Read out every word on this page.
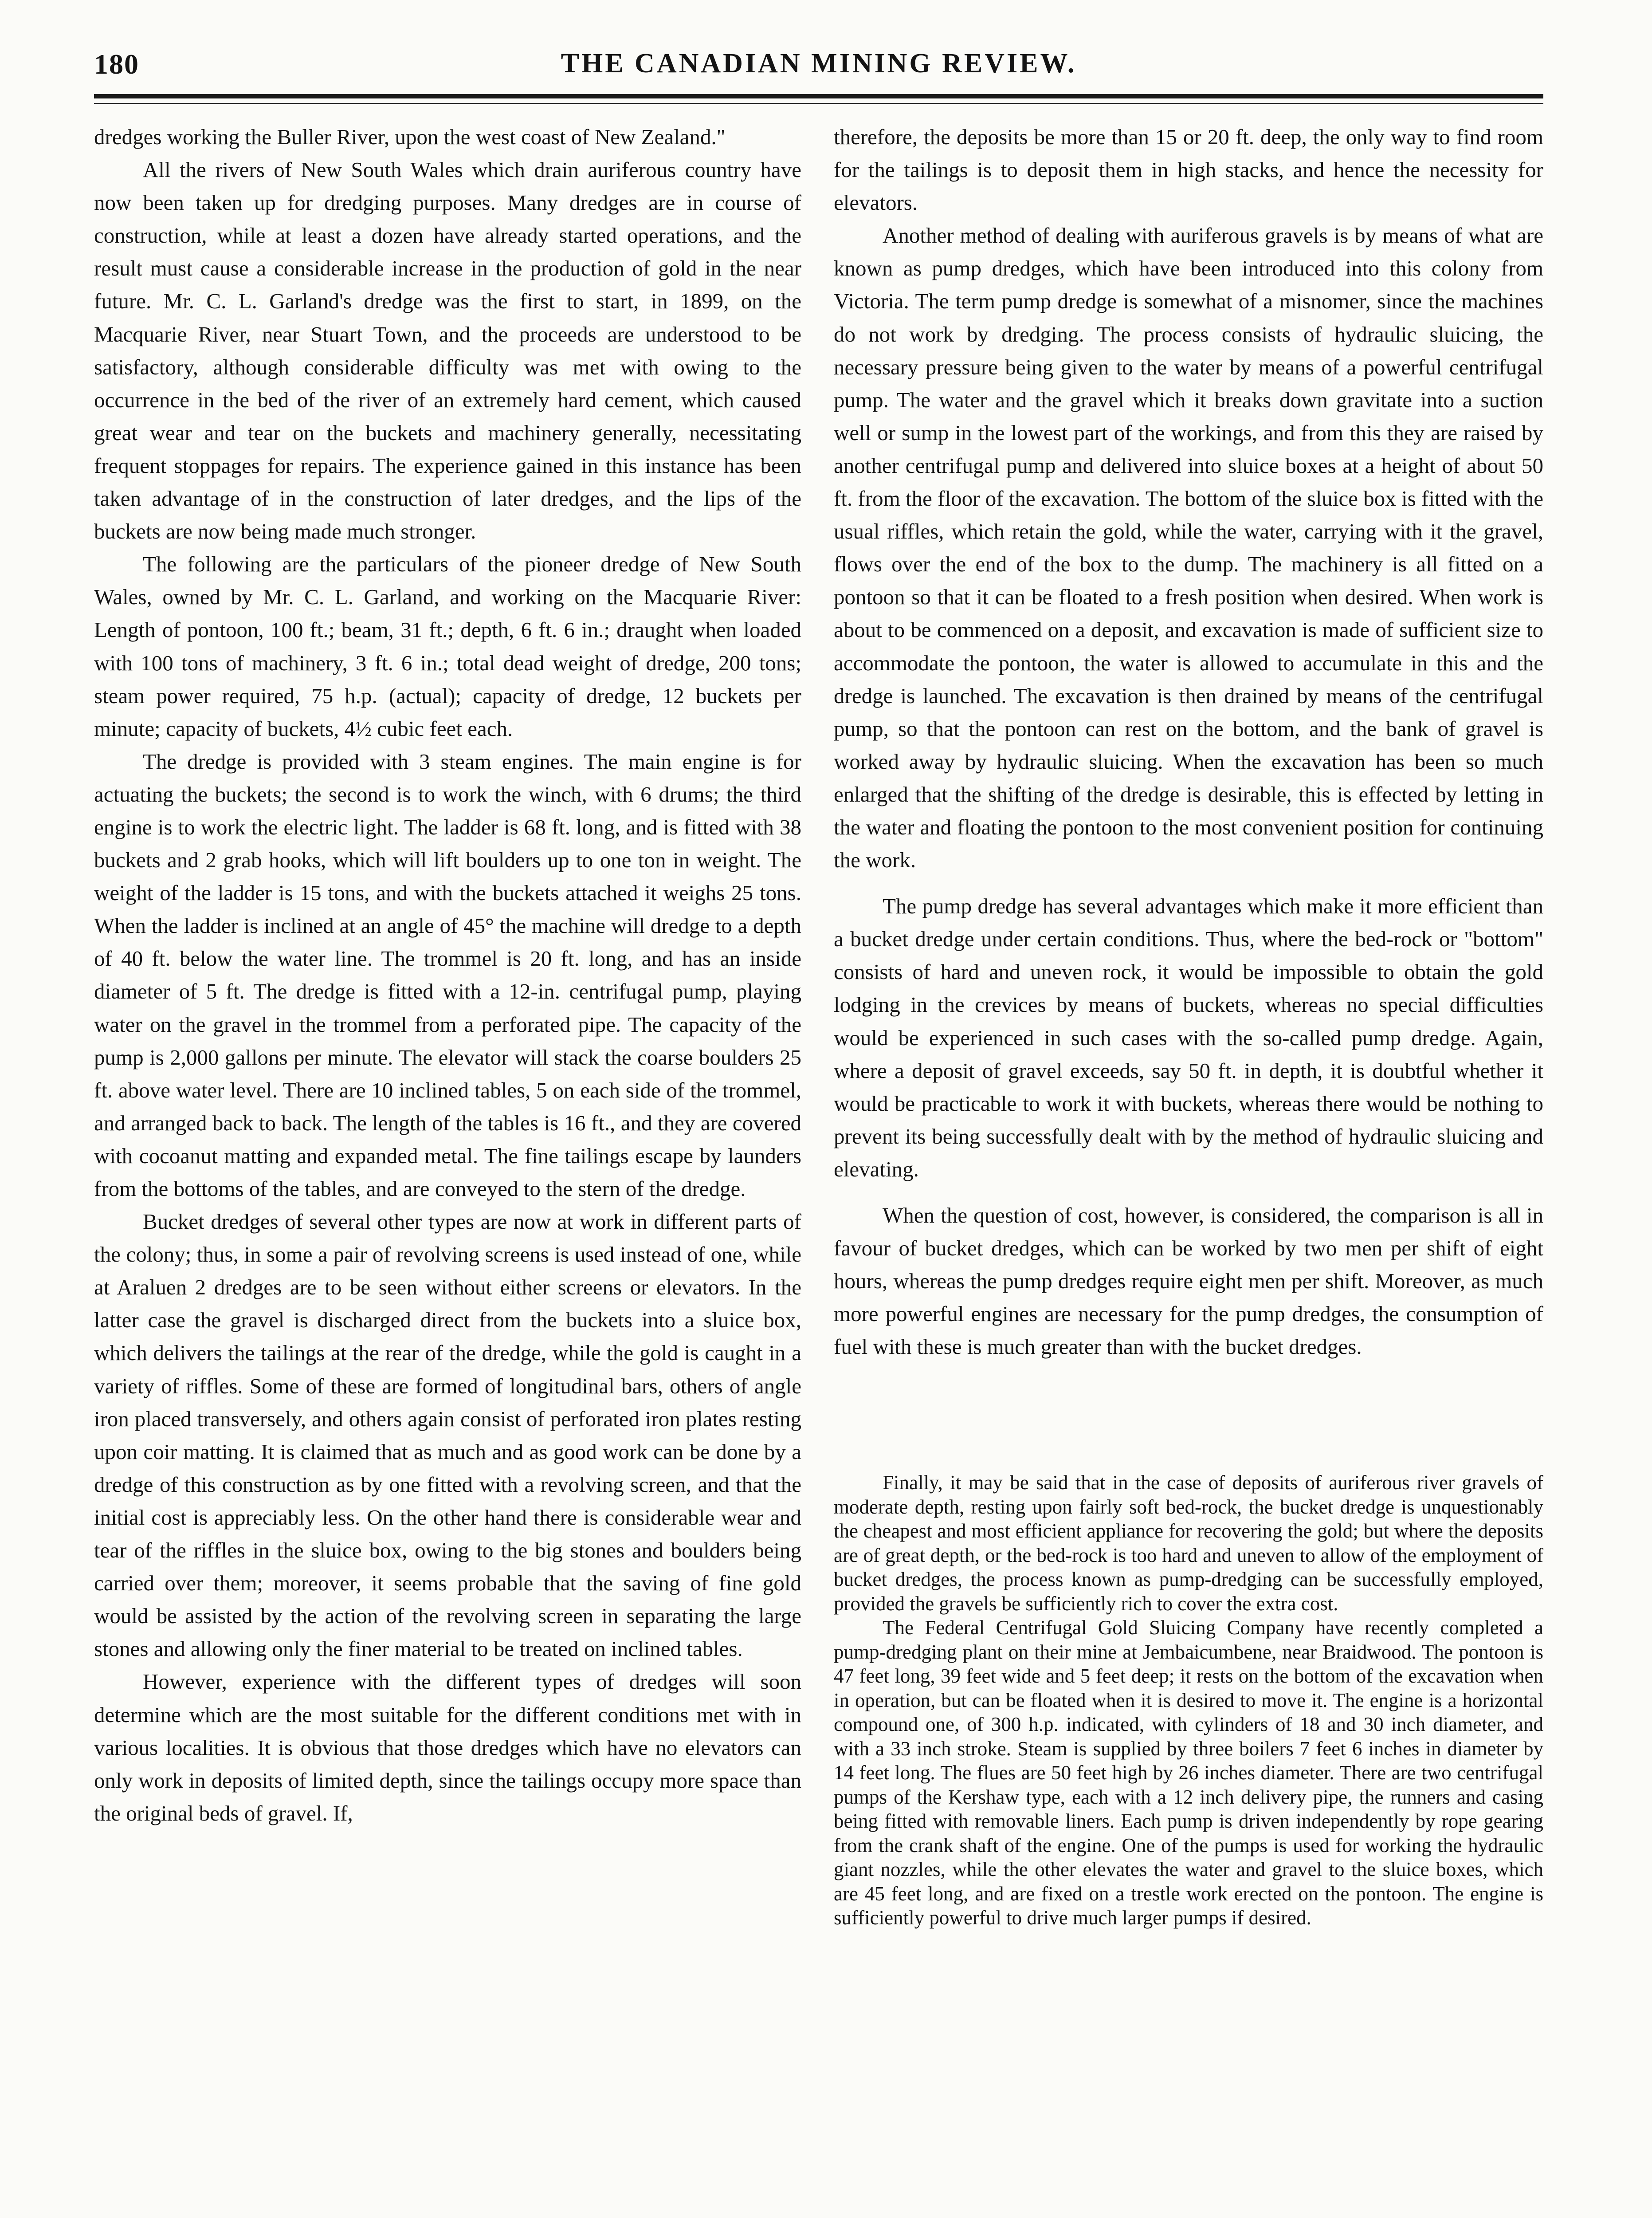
180	THE CANADIAN MINING REVIEW.

dredges working the Buller River, upon the west coast of New Zealand."

All the rivers of New South Wales which drain auriferous country have now been taken up for dredging purposes. Many dredges are in course of construction, while at least a dozen have already started operations, and the result must cause a considerable increase in the production of gold in the near future. Mr. C. L. Garland's dredge was the first to start, in 1899, on the Macquarie River, near Stuart Town, and the proceeds are understood to be satisfactory, although considerable difficulty was met with owing to the occurrence in the bed of the river of an extremely hard cement, which caused great wear and tear on the buckets and machinery generally, necessitating frequent stoppages for repairs. The experience gained in this instance has been taken advantage of in the construction of later dredges, and the lips of the buckets are now being made much stronger.

The following are the particulars of the pioneer dredge of New South Wales, owned by Mr. C. L. Garland, and working on the Macquarie River: Length of pontoon, 100 ft.; beam, 31 ft.; depth, 6 ft. 6 in.; draught when loaded with 100 tons of machinery, 3 ft. 6 in.; total dead weight of dredge, 200 tons; steam power required, 75 h.p. (actual); capacity of dredge, 12 buckets per minute; capacity of buckets, 4½ cubic feet each.

The dredge is provided with 3 steam engines. The main engine is for actuating the buckets; the second is to work the winch, with 6 drums; the third engine is to work the electric light. The ladder is 68 ft. long, and is fitted with 38 buckets and 2 grab hooks, which will lift boulders up to one ton in weight. The weight of the ladder is 15 tons, and with the buckets attached it weighs 25 tons. When the ladder is inclined at an angle of 45° the machine will dredge to a depth of 40 ft. below the water line. The trommel is 20 ft. long, and has an inside diameter of 5 ft. The dredge is fitted with a 12-in. centrifugal pump, playing water on the gravel in the trommel from a perforated pipe. The capacity of the pump is 2,000 gallons per minute. The elevator will stack the coarse boulders 25 ft. above water level. There are 10 inclined tables, 5 on each side of the trommel, and arranged back to back. The length of the tables is 16 ft., and they are covered with cocoanut matting and expanded metal. The fine tailings escape by launders from the bottoms of the tables, and are conveyed to the stern of the dredge.

Bucket dredges of several other types are now at work in different parts of the colony; thus, in some a pair of revolving screens is used instead of one, while at Araluen 2 dredges are to be seen without either screens or elevators. In the latter case the gravel is discharged direct from the buckets into a sluice box, which delivers the tailings at the rear of the dredge, while the gold is caught in a variety of riffles. Some of these are formed of longitudinal bars, others of angle iron placed transversely, and others again consist of perforated iron plates resting upon coir matting. It is claimed that as much and as good work can be done by a dredge of this construction as by one fitted with a revolving screen, and that the initial cost is appreciably less. On the other hand there is considerable wear and tear of the riffles in the sluice box, owing to the big stones and boulders being carried over them; moreover, it seems probable that the saving of fine gold would be assisted by the action of the revolving screen in separating the large stones and allowing only the finer material to be treated on inclined tables.

However, experience with the different types of dredges will soon determine which are the most suitable for the different conditions met with in various localities. It is obvious that those dredges which have no elevators can only work in deposits of limited depth, since the tailings occupy more space than the original beds of gravel. If,

therefore, the deposits be more than 15 or 20 ft. deep, the only way to find room for the tailings is to deposit them in high stacks, and hence the necessity for elevators.

Another method of dealing with auriferous gravels is by means of what are known as pump dredges, which have been introduced into this colony from Victoria. The term pump dredge is somewhat of a misnomer, since the machines do not work by dredging. The process consists of hydraulic sluicing, the necessary pressure being given to the water by means of a powerful centrifugal pump. The water and the gravel which it breaks down gravitate into a suction well or sump in the lowest part of the workings, and from this they are raised by another centrifugal pump and delivered into sluice boxes at a height of about 50 ft. from the floor of the excavation. The bottom of the sluice box is fitted with the usual riffles, which retain the gold, while the water, carrying with it the gravel, flows over the end of the box to the dump. The machinery is all fitted on a pontoon so that it can be floated to a fresh position when desired. When work is about to be commenced on a deposit, and excavation is made of sufficient size to accommodate the pontoon, the water is allowed to accumulate in this and the dredge is launched. The excavation is then drained by means of the centrifugal pump, so that the pontoon can rest on the bottom, and the bank of gravel is worked away by hydraulic sluicing. When the excavation has been so much enlarged that the shifting of the dredge is desirable, this is effected by letting in the water and floating the pontoon to the most convenient position for continuing the work.

The pump dredge has several advantages which make it more efficient than a bucket dredge under certain conditions. Thus, where the bed-rock or "bottom" consists of hard and uneven rock, it would be impossible to obtain the gold lodging in the crevices by means of buckets, whereas no special difficulties would be experienced in such cases with the so-called pump dredge. Again, where a deposit of gravel exceeds, say 50 ft. in depth, it is doubtful whether it would be practicable to work it with buckets, whereas there would be nothing to prevent its being successfully dealt with by the method of hydraulic sluicing and elevating.

When the question of cost, however, is considered, the comparison is all in favour of bucket dredges, which can be worked by two men per shift of eight hours, whereas the pump dredges require eight men per shift. Moreover, as much more powerful engines are necessary for the pump dredges, the consumption of fuel with these is much greater than with the bucket dredges.

Finally, it may be said that in the case of deposits of auriferous river gravels of moderate depth, resting upon fairly soft bed-rock, the bucket dredge is unquestionably the cheapest and most efficient appliance for recovering the gold; but where the deposits are of great depth, or the bed-rock is too hard and uneven to allow of the employment of bucket dredges, the process known as pump-dredging can be successfully employed, provided the gravels be sufficiently rich to cover the extra cost.

The Federal Centrifugal Gold Sluicing Company have recently completed a pump-dredging plant on their mine at Jembaicumbene, near Braidwood. The pontoon is 47 feet long, 39 feet wide and 5 feet deep; it rests on the bottom of the excavation when in operation, but can be floated when it is desired to move it. The engine is a horizontal compound one, of 300 h.p. indicated, with cylinders of 18 and 30 inch diameter, and with a 33 inch stroke. Steam is supplied by three boilers 7 feet 6 inches in diameter by 14 feet long. The flues are 50 feet high by 26 inches diameter. There are two centrifugal pumps of the Kershaw type, each with a 12 inch delivery pipe, the runners and casing being fitted with removable liners. Each pump is driven independently by rope gearing from the crank shaft of the engine. One of the pumps is used for working the hydraulic giant nozzles, while the other elevates the water and gravel to the sluice boxes, which are 45 feet long, and are fixed on a trestle work erected on the pontoon. The engine is sufficiently powerful to drive much larger pumps if desired.
